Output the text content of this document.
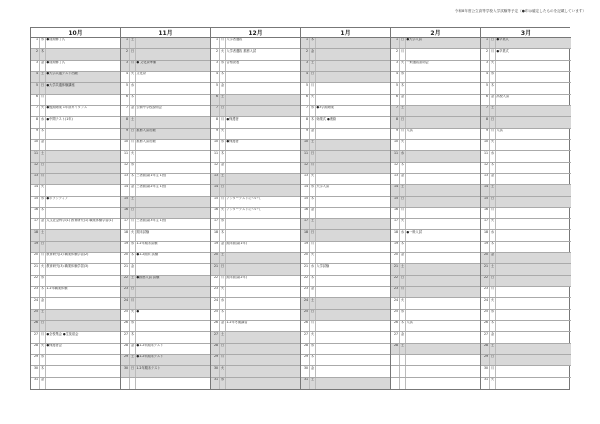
令和8年度公立高等学校入学試験等予定（●印は確定したものを記載しています）
10月
1 水 ●前期修了式
2 木
3 金 ●前期修了式
4 土 ●大学共通テスト出願
5 日 ●大学共通体験講座
6 月
7 火 ●後期始業 1年部ガイダンス
8 水 ●中間テスト(1年)
9 木
10 金
11 土
12 日
13 月
14 火
15 水 ●ボランティア
16 木
17 金 人文社会科学(1) 教育研究(1) 職業体験学習(1)
18 土
19 日
20 月 教育研究(2) 職業体験学習(2)
21 火 教育研究(3) 職業体験学習(3)
22 水
23 木 1.2年職業体験
24 金
25 土
26 日
27 月 ●全校集会 ●生徒総会
28 火 ●保護者会
29 水
30 木
31 金
11月
1 土
2 日
3 月 ● 文化祭準備
4 火 文化祭
5 水
6 木
7 金 公開中学校説明会
8 土
9 日 推薦入試出願
10 月 推薦入試出願
11 火
12 水
13 木 三者面談(1年生 1回)
14 金 三者面談(2年生 1回)
15 土
16 日
17 月 三者面談(3年生 1回)
18 火 期末試験
19 水 1.2年期末試験
20 木 ●1.2期末 試験
21 金
22 土 ●推薦入試 試験
23 日
24 月
25 火 ●
26 水
27 木
28 金 ●1.2年期末テスト
29 土 ●1.2年期末テスト
30 日 1.2年期末テスト
12月
1 月 入学者選抜
2 火 入学者選抜 推薦入試
3 水 合格発表
4 木
5 金
6 土
7 日
8 月 ●保護者
9 火
10 水 ●保護者
11 木
12 金
13 土
14 日
15 月 アンダーテストについて
16 火 アンダーテストについて
17 水
18 木
19 金 期末面談(1年)
20 土
21 日
22 月 期末面談(2年)
23 火
24 水
25 木
26 金 1.2年冬期講習
27 土
28 日
29 月
30 火
31 水
1月
1 木
2 金
3 土
4 日
5 月
6 火
7 水 ●3学期始業
8 木 始業式 ●連絡
9 金
10 土
11 日
12 月
13 火
14 水 大学入試
15 木
16 金
17 土
18 日
19 月
20 火
21 水 入学試験
22 木
23 金
24 土
25 日
26 月
27 火
28 水
29 木
30 金
31 土
2月
1 日 ●大学入試
2 月
3 火 一般選抜説明会
4 水
5 木
6 金
7 土
8 日
9 月 入試
10 火
11 水
12 木
13 金
14 土
15 日
16 月
17 火
18 水 ●一般入試
19 木
20 金
21 土
22 日
23 月
24 火
25 水
26 木 入試
27 金
28 土
3月
1 日 ●卒業式
2 月 ●卒業式
3 火
4 水
5 木
6 金 高校入試
7 土
8 日
9 月 入試
10 火
11 水
12 木
13 金
14 土
15 日
16 月
17 火
18 水
19 木
20 金
21 土
22 日
23 月
24 火
25 水
26 木
27 金
28 土
29 日
30 月
31 火
